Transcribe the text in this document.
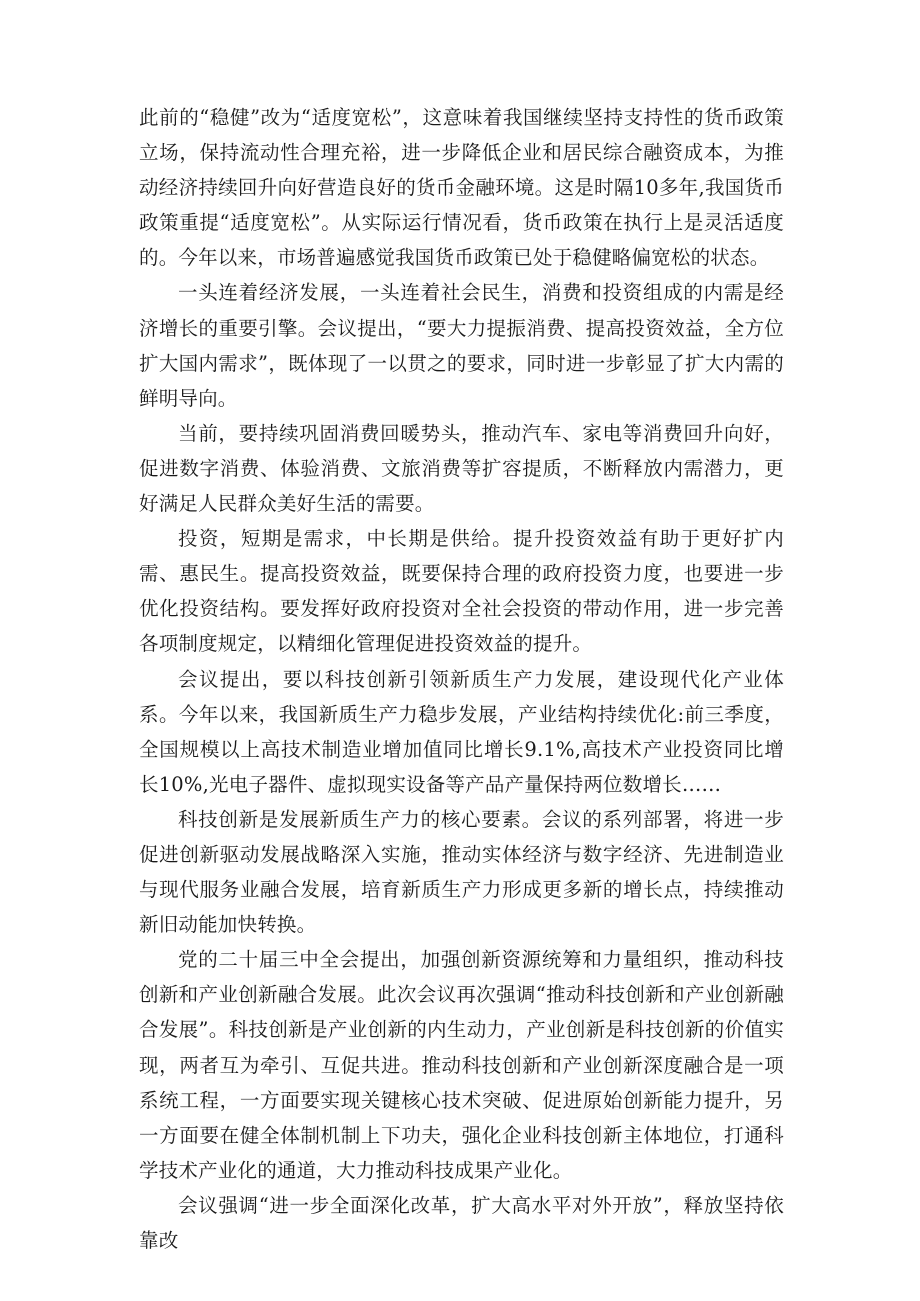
此前的“稳健”改为“适度宽松”，这意味着我国继续坚持支持性的货币政策立场，保持流动性合理充裕，进一步降低企业和居民综合融资成本，为推动经济持续回升向好营造良好的货币金融环境。这是时隔10多年,我国货币政策重提“适度宽松”。从实际运行情况看，货币政策在执行上是灵活适度的。今年以来，市场普遍感觉我国货币政策已处于稳健略偏宽松的状态。

一头连着经济发展，一头连着社会民生，消费和投资组成的内需是经济增长的重要引擎。会议提出，“要大力提振消费、提高投资效益，全方位扩大国内需求”，既体现了一以贯之的要求，同时进一步彰显了扩大内需的鲜明导向。

当前，要持续巩固消费回暖势头，推动汽车、家电等消费回升向好，促进数字消费、体验消费、文旅消费等扩容提质，不断释放内需潜力，更好满足人民群众美好生活的需要。

投资，短期是需求，中长期是供给。提升投资效益有助于更好扩内需、惠民生。提高投资效益，既要保持合理的政府投资力度，也要进一步优化投资结构。要发挥好政府投资对全社会投资的带动作用，进一步完善各项制度规定，以精细化管理促进投资效益的提升。

会议提出，要以科技创新引领新质生产力发展，建设现代化产业体系。今年以来，我国新质生产力稳步发展，产业结构持续优化:前三季度，全国规模以上高技术制造业增加值同比增长9.1%,高技术产业投资同比增长10%,光电子器件、虚拟现实设备等产品产量保持两位数增长……

科技创新是发展新质生产力的核心要素。会议的系列部署，将进一步促进创新驱动发展战略深入实施，推动实体经济与数字经济、先进制造业与现代服务业融合发展，培育新质生产力形成更多新的增长点，持续推动新旧动能加快转换。

党的二十届三中全会提出，加强创新资源统筹和力量组织，推动科技创新和产业创新融合发展。此次会议再次强调“推动科技创新和产业创新融合发展”。科技创新是产业创新的内生动力，产业创新是科技创新的价值实现，两者互为牵引、互促共进。推动科技创新和产业创新深度融合是一项系统工程，一方面要实现关键核心技术突破、促进原始创新能力提升，另一方面要在健全体制机制上下功夫，强化企业科技创新主体地位，打通科学技术产业化的通道，大力推动科技成果产业化。

会议强调“进一步全面深化改革，扩大高水平对外开放”，释放坚持依靠改
